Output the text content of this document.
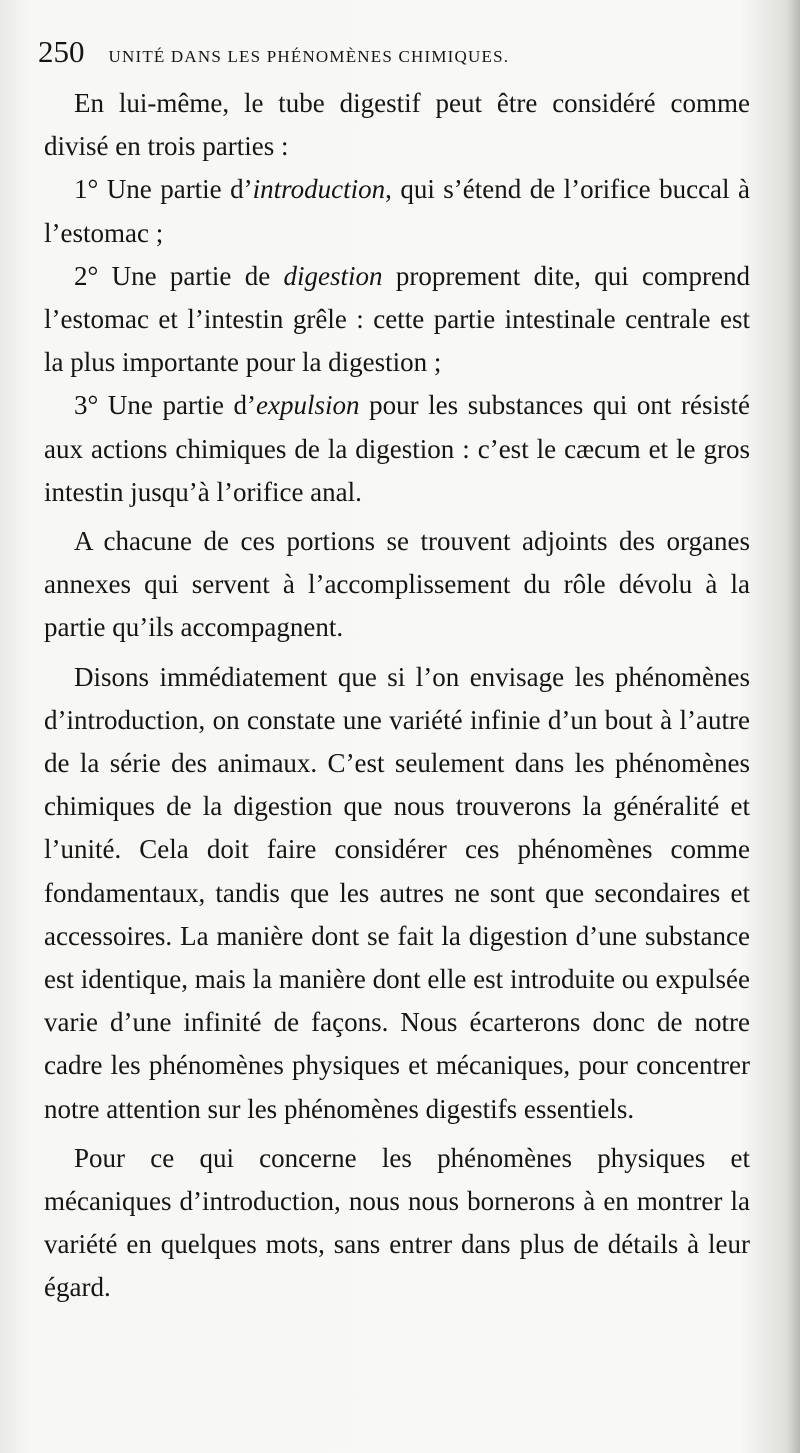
250 UNITÉ DANS LES PHÉNOMÈNES CHIMIQUES.

En lui-même, le tube digestif peut être considéré comme divisé en trois parties :

1° Une partie d’introduction, qui s’étend de l’orifice buccal à l’estomac ;

2° Une partie de digestion proprement dite, qui comprend l’estomac et l’intestin grêle : cette partie intestinale centrale est la plus importante pour la digestion ;

3° Une partie d’expulsion pour les substances qui ont résisté aux actions chimiques de la digestion : c’est le cæcum et le gros intestin jusqu’à l’orifice anal.

A chacune de ces portions se trouvent adjoints des organes annexes qui servent à l’accomplissement du rôle dévolu à la partie qu’ils accompagnent.

Disons immédiatement que si l’on envisage les phénomènes d’introduction, on constate une variété infinie d’un bout à l’autre de la série des animaux. C’est seulement dans les phénomènes chimiques de la digestion que nous trouverons la généralité et l’unité. Cela doit faire considérer ces phénomènes comme fondamentaux, tandis que les autres ne sont que secondaires et accessoires. La manière dont se fait la digestion d’une substance est identique, mais la manière dont elle est introduite ou expulsée varie d’une infinité de façons. Nous écarterons donc de notre cadre les phénomènes physiques et mécaniques, pour concentrer notre attention sur les phénomènes digestifs essentiels.

Pour ce qui concerne les phénomènes physiques et mécaniques d’introduction, nous nous bornerons à en montrer la variété en quelques mots, sans entrer dans plus de détails à leur égard.
